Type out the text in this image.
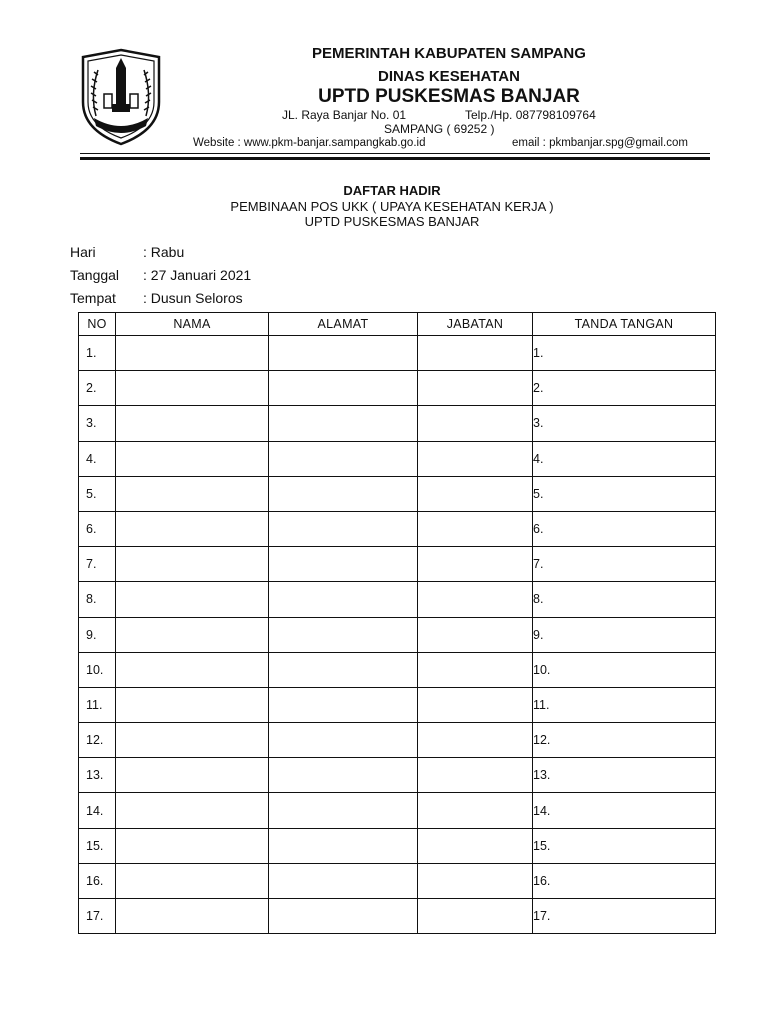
PEMERINTAH KABUPATEN SAMPANG
DINAS KESEHATAN
UPTD PUSKESMAS BANJAR
JL. Raya Banjar No. 01	Telp./Hp. 087798109764
SAMPANG ( 69252 )
Website : www.pkm-banjar.sampangkab.go.id	email : pkmbanjar.spg@gmail.com
DAFTAR HADIR
PEMBINAAN POS UKK ( UPAYA KESEHATAN KERJA )
UPTD PUSKESMAS BANJAR
Hari	: Rabu
Tanggal : 27 Januari 2021
Tempat : Dusun Seloros
NO	NAMA	ALAMAT	JABATAN	TANDA TANGAN
1.				1.
2.				2.
3.				3.
4.				4.
5.				5.
6.				6.
7.				7.
8.				8.
9.				9.
10.				10.
11.				11.
12.				12.
13.				13.
14.				14.
15.				15.
16.				16.
17.				17.
